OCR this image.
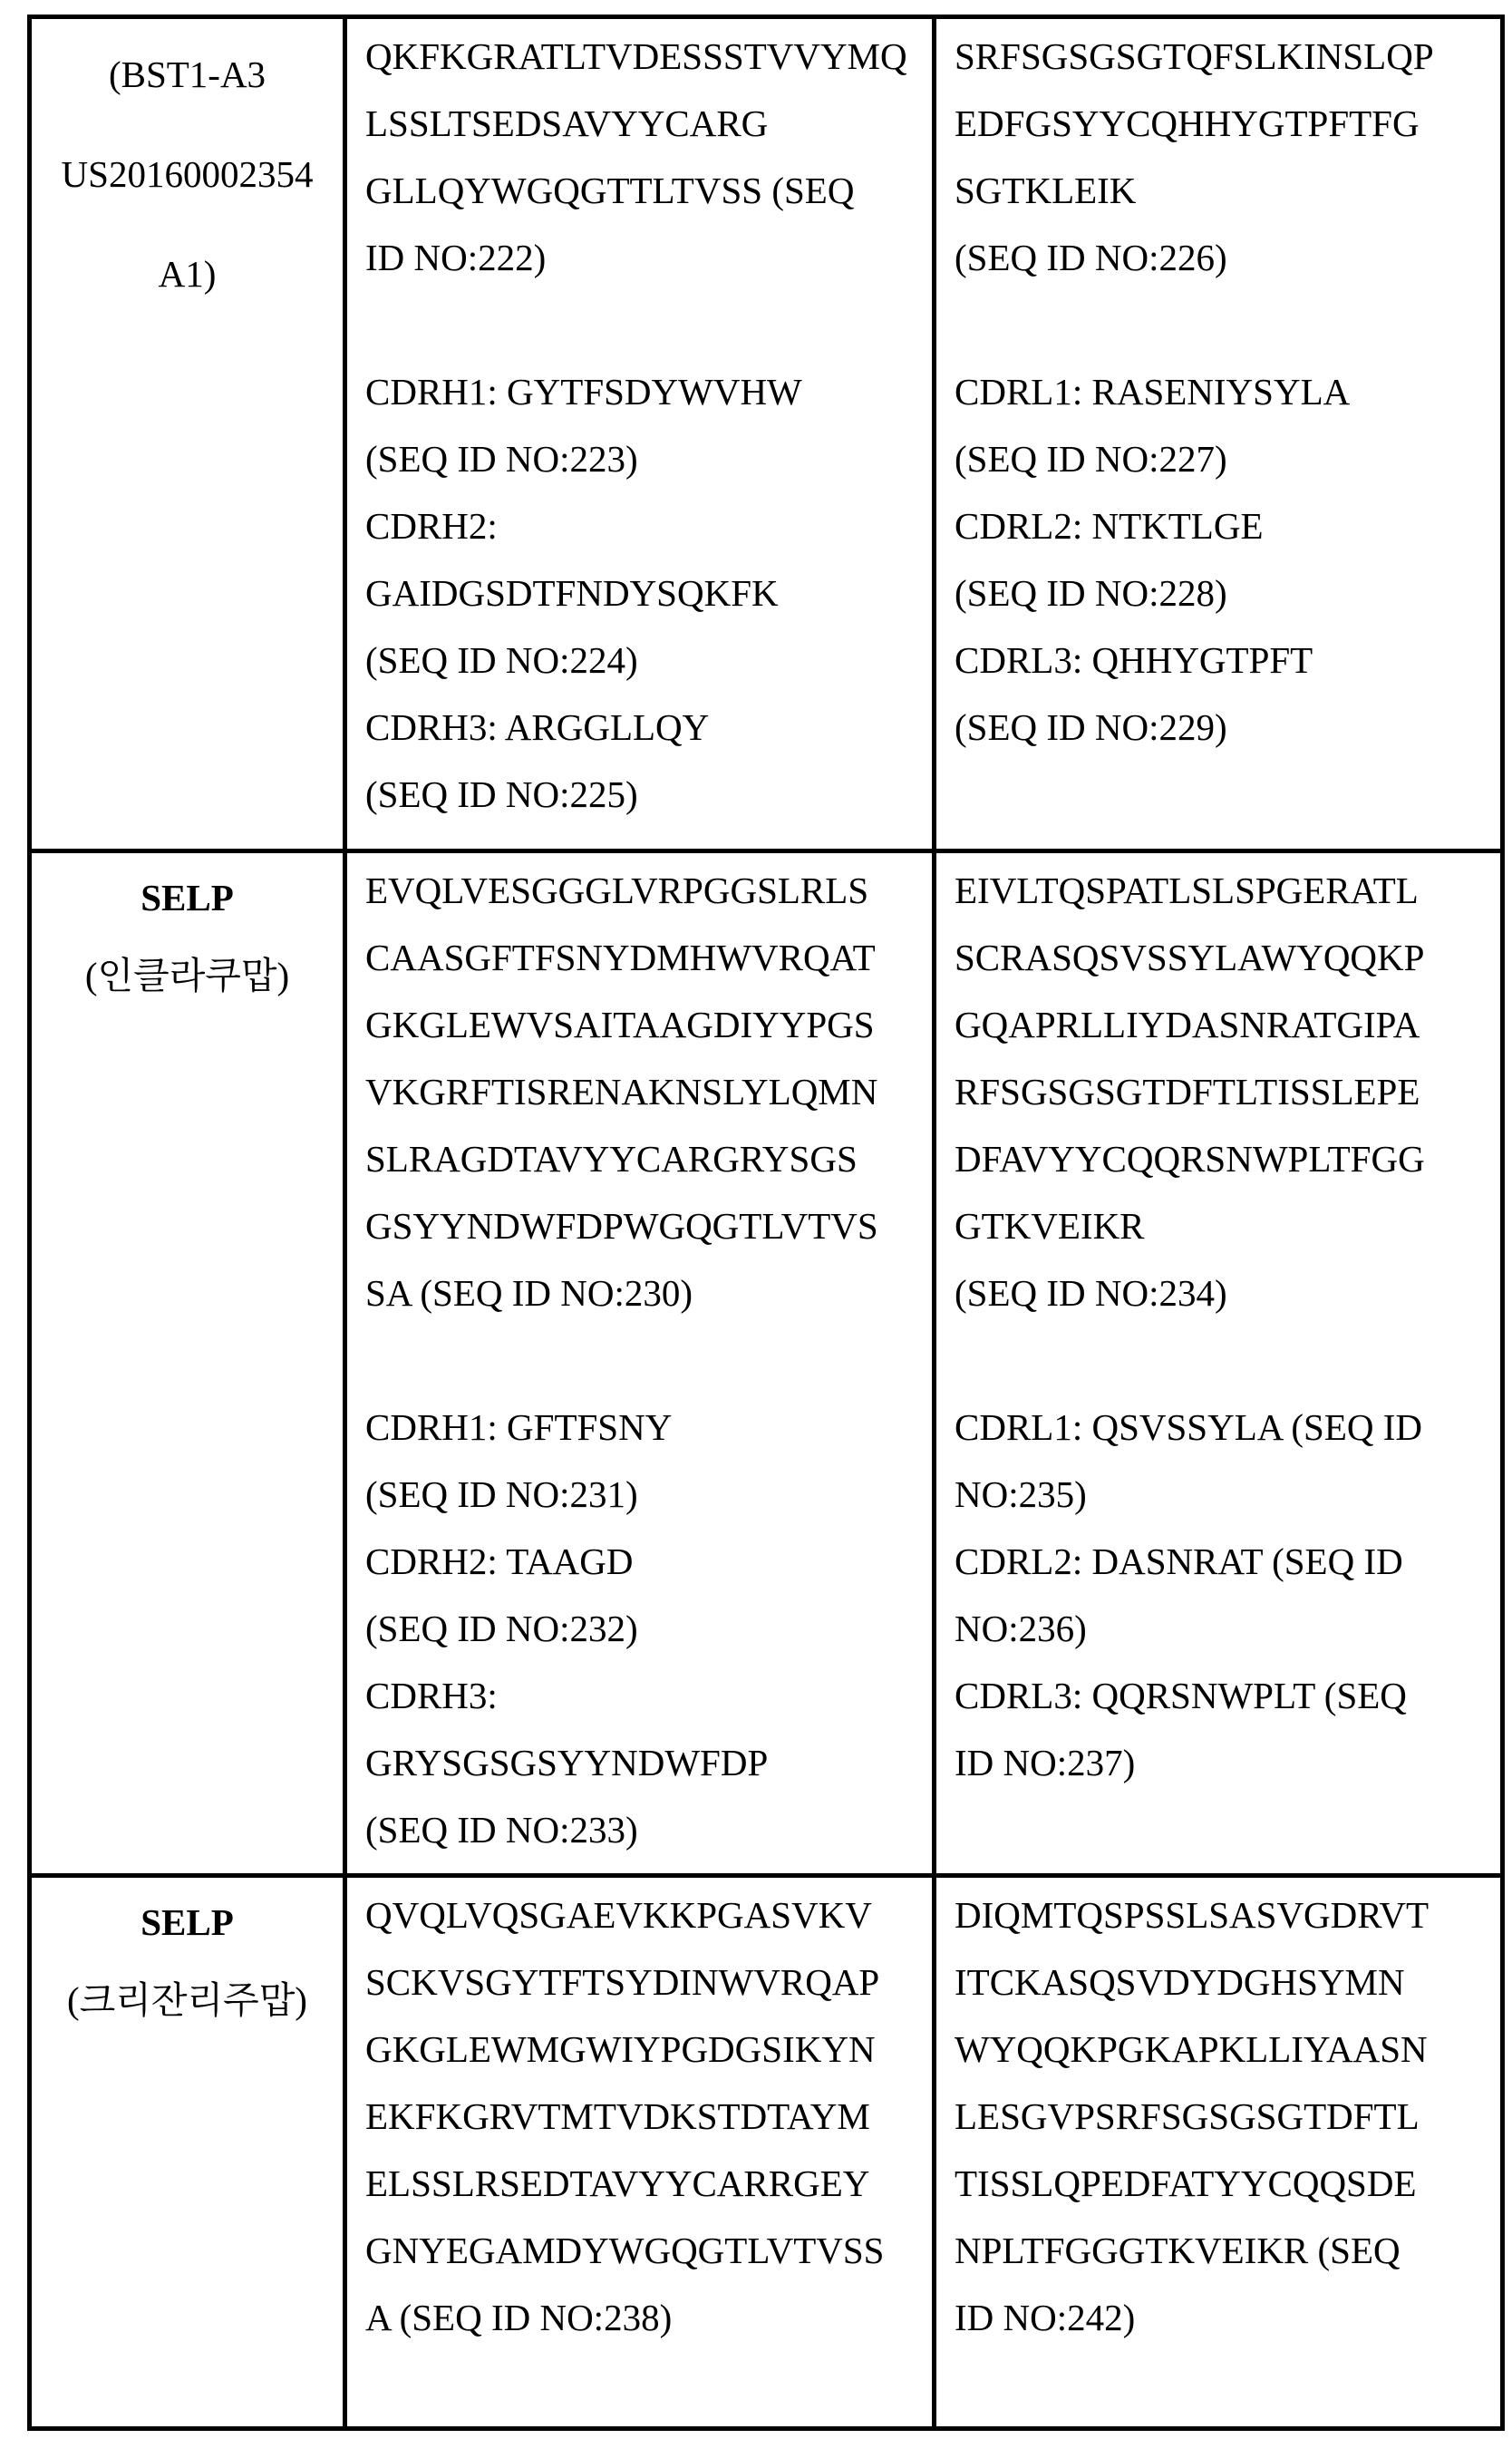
(BST1-A3
US20160002354
A1)
	QKFKGRATLTVDESSSTVVYMQ
LSSLTSEDSAVYYCARG
GLLQYWGQGTTLTVSS (SEQ
ID NO:222)

CDRH1: GYTFSDYWVHW
(SEQ ID NO:223)
CDRH2:
GAIDGSDTFNDYSQKFK
(SEQ ID NO:224)
CDRH3: ARGGLLQY
(SEQ ID NO:225)	SRFSGSGSGTQFSLKINSLQP
EDFGSYYCQHHYGTPFTFG
SGTKLEIK
(SEQ ID NO:226)

CDRL1: RASENIYSYLA
(SEQ ID NO:227)
CDRL2: NTKTLGE
(SEQ ID NO:228)
CDRL3: QHHYGTPFT
(SEQ ID NO:229)

SELP
(인클라쿠맙)
	EVQLVESGGGLVRPGGSLRLS
CAASGFTFSNYDMHWVRQAT
GKGLEWVSAITAAGDIYYPGS
VKGRFTISRENAKNSLYLQMN
SLRAGDTAVYYCARGRYSGS
GSYYNDWFDPWGQGTLVTVS
SA (SEQ ID NO:230)

CDRH1: GFTFSNY
(SEQ ID NO:231)
CDRH2: TAAGD
(SEQ ID NO:232)
CDRH3:
GRYSGSGSYYNDWFDP
(SEQ ID NO:233)	EIVLTQSPATLSLSPGERATL
SCRASQSVSSYLAWYQQKP
GQAPRLLIYDASNRATGIPA
RFSGSGSGTDFTLTISSLEPE
DFAVYYCQQRSNWPLTFGG
GTKVEIKR
(SEQ ID NO:234)

CDRL1: QSVSSYLA (SEQ ID
NO:235)
CDRL2: DASNRAT (SEQ ID
NO:236)
CDRL3: QQRSNWPLT (SEQ
ID NO:237)

SELP
(크리잔리주맙)
	QVQLVQSGAEVKKPGASVKV
SCKVSGYTFTSYDINWVRQAP
GKGLEWMGWIYPGDGSIKYN
EKFKGRVTMTVDKSTDTAYM
ELSSLRSEDTAVYYCARRGEY
GNYEGAMDYWGQGTLVTVSS
A (SEQ ID NO:238)	DIQMTQSPSSLSASVGDRVT
ITCKASQSVDYDGHSYMN
WYQQKPGKAPKLLIYAASN
LESGVPSRFSGSGSGTDFTL
TISSLQPEDFATYYCQQSDE
NPLTFGGGTKVEIKR (SEQ
ID NO:242)
